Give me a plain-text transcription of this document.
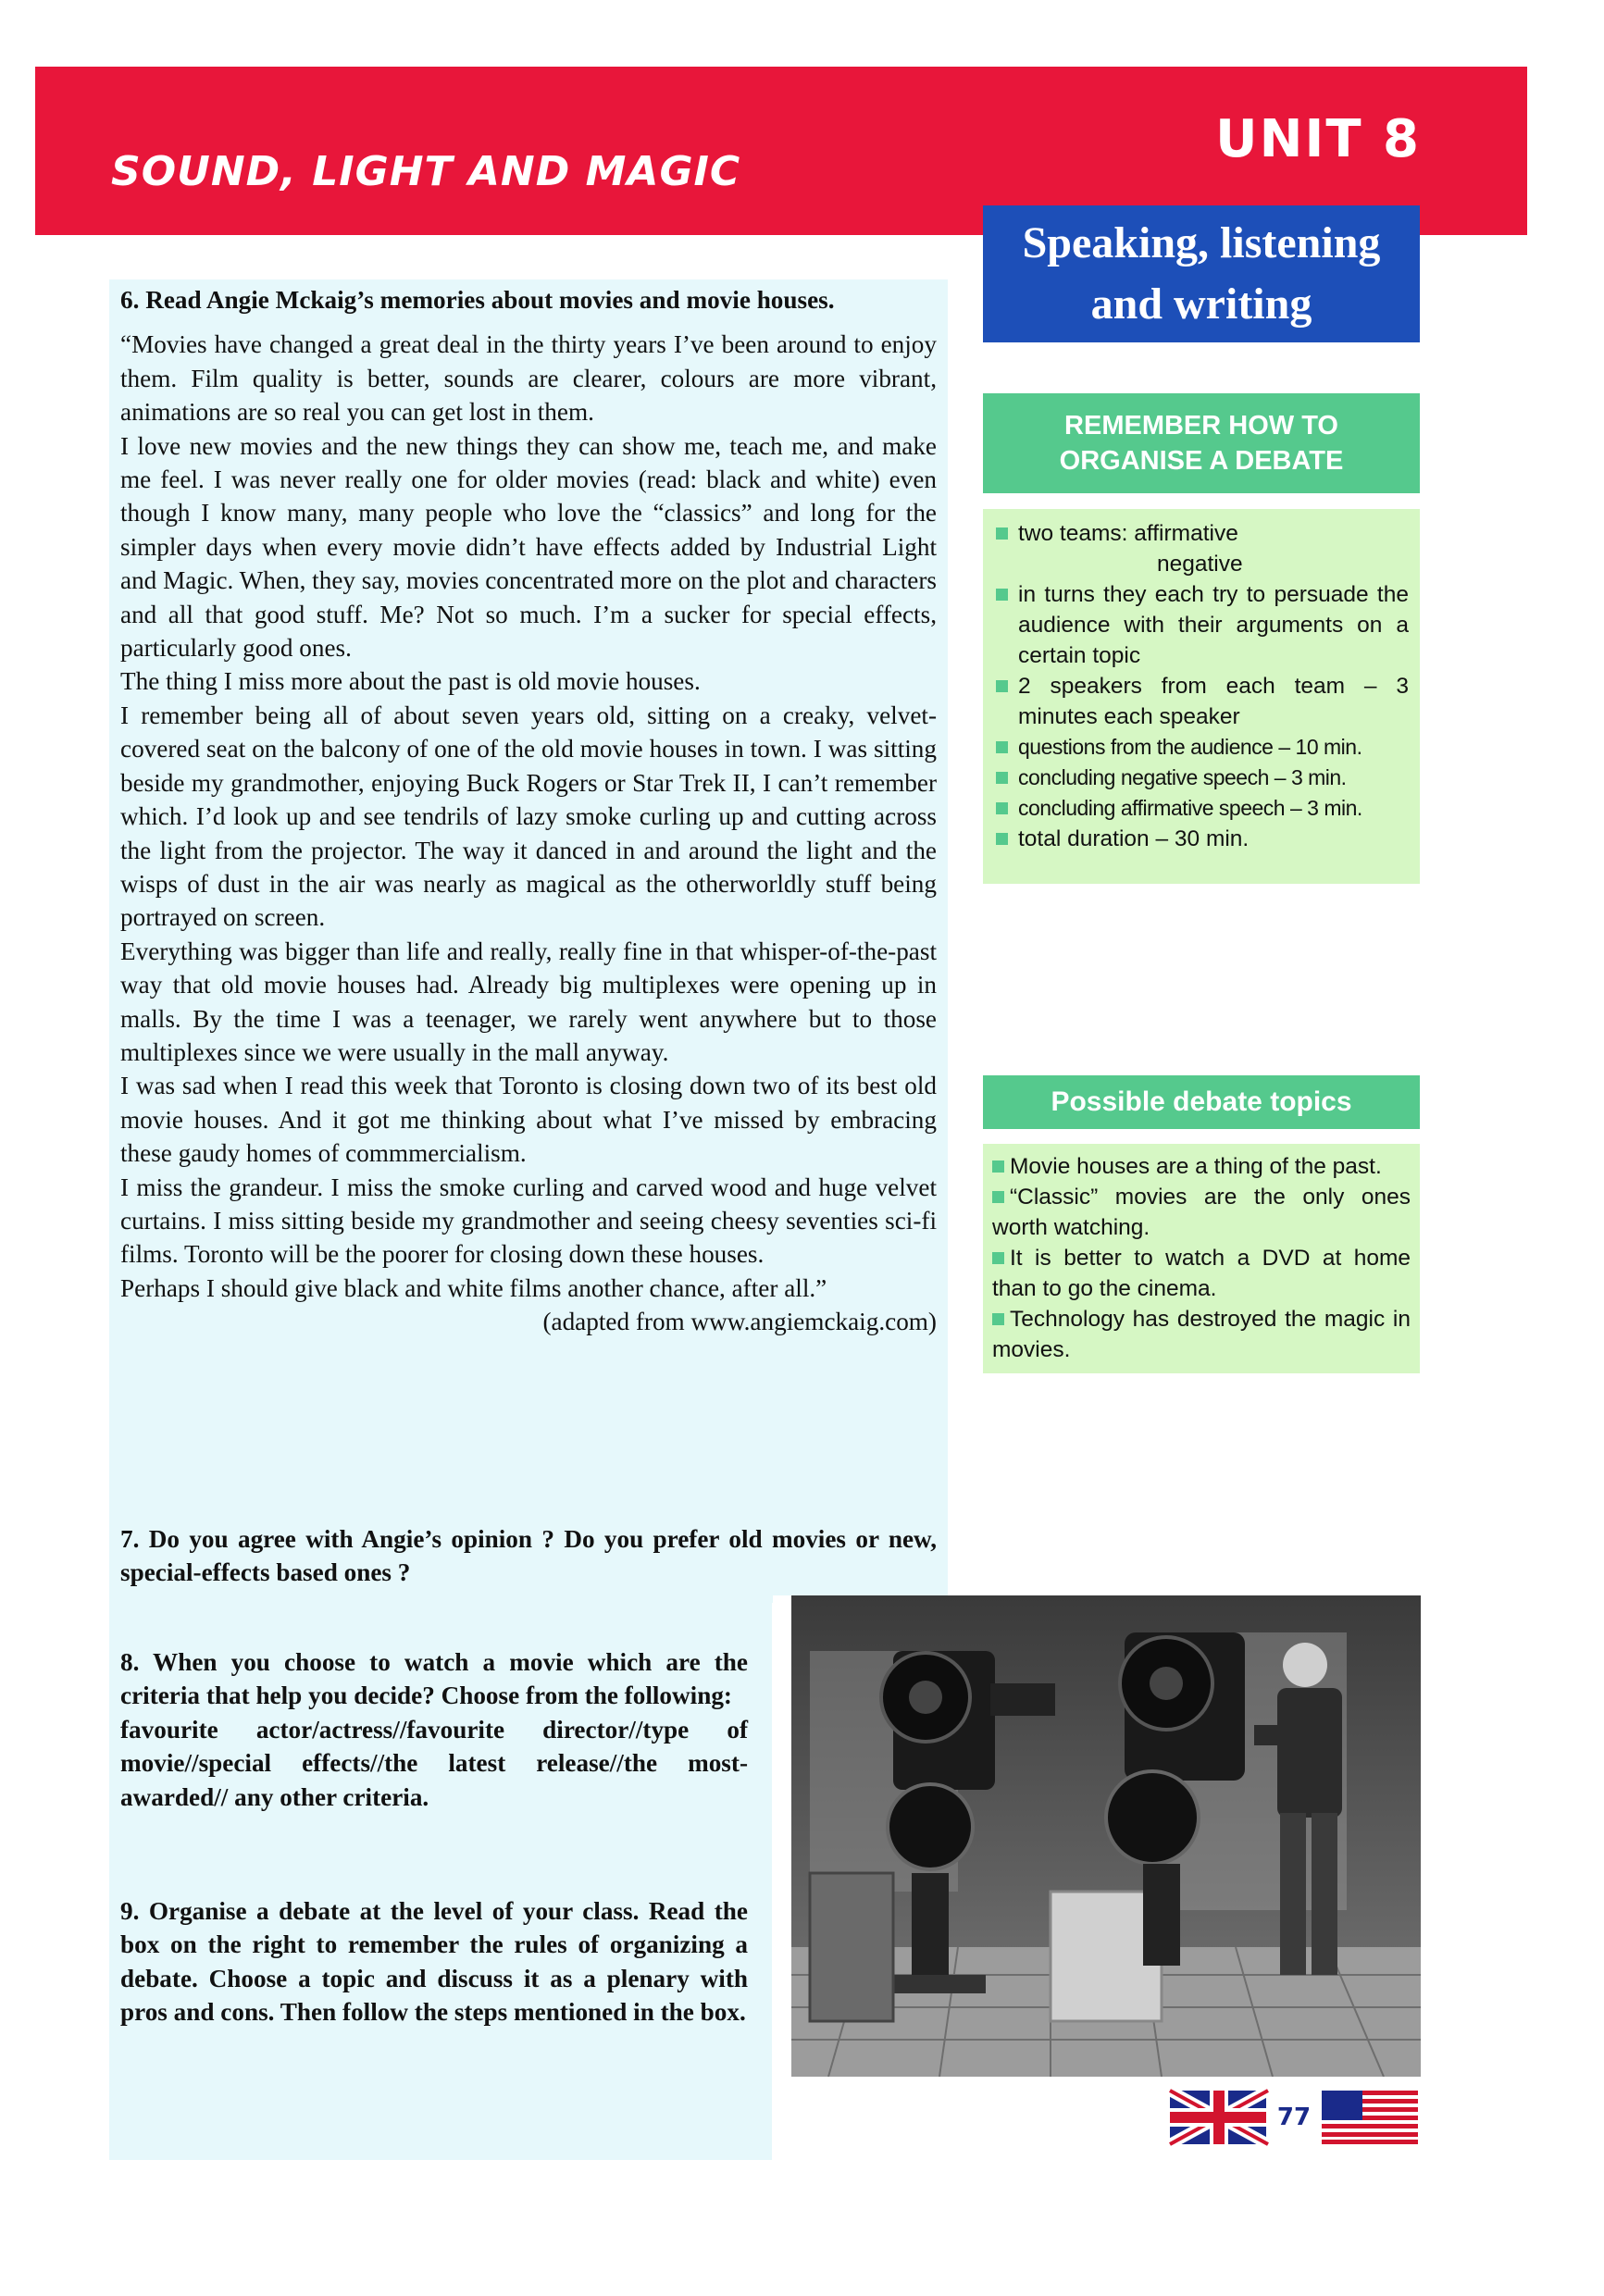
SOUND, LIGHT AND MAGIC
UNIT 8
Speaking, listening
and writing

6. Read Angie Mckaig’s memories about movies and movie houses.

“Movies have changed a great deal in the thirty years I’ve been around to enjoy them. Film quality is better, sounds are clearer, colours are more vibrant, animations are so real you can get lost in them.

I love new movies and the new things they can show me, teach me, and make me feel. I was never really one for older movies (read: black and white) even though I know many, many people who love the “classics” and long for the simpler days when every movie didn’t have effects added by Industrial Light and Magic. When, they say, movies concentrated more on the plot and characters and all that good stuff. Me? Not so much. I’m a sucker for special effects, particularly good ones.

The thing I miss more about the past is old movie houses.

I remember being all of about seven years old, sitting on a creaky, velvet-covered seat on the balcony of one of the old movie houses in town. I was sitting beside my grandmother, enjoying Buck Rogers or Star Trek II, I can’t remember which. I’d look up and see tendrils of lazy smoke curling up and cutting across the light from the projector. The way it danced in and around the light and the wisps of dust in the air was nearly as magical as the otherworldly stuff being portrayed on screen.

Everything was bigger than life and really, really fine in that whisper-of-the-past way that old movie houses had. Already big multiplexes were opening up in malls. By the time I was a teenager, we rarely went anywhere but to those multiplexes since we were usually in the mall anyway.

I was sad when I read this week that Toronto is closing down two of its best old movie houses. And it got me thinking about what I’ve missed by embracing these gaudy homes of commmercialism.

I miss the grandeur. I miss the smoke curling and carved wood and huge velvet curtains. I miss sitting beside my grandmother and seeing cheesy seventies sci-fi films. Toronto will be the poorer for closing down these houses.

Perhaps I should give black and white films another chance, after all.”

(adapted from www.angiemckaig.com)

7. Do you agree with Angie’s opinion ? Do you prefer old movies or new, special-effects based ones ?

8. When you choose to watch a movie which are the criteria that help you decide? Choose from the following:
favourite actor/actress//favourite director//type of movie//special effects//the latest release//the most-awarded// any other criteria.

9. Organise a debate at the level of your class. Read the box on the right to remember the rules of organizing a debate. Choose a topic and discuss it as a plenary with pros and cons. Then follow the steps mentioned in the box.

REMEMBER HOW TO
ORGANISE A DEBATE
two teams: affirmative
negative
in turns they each try to persuade the audience with their arguments on a certain topic
2 speakers from each team – 3 minutes each speaker
questions from the audience – 10 min.
concluding negative speech – 3 min.
concluding affirmative speech – 3 min.
total duration – 30 min.
Possible debate topics
Movie houses are a thing of the past.
“Classic” movies are the only ones worth watching.
It is better to watch a DVD at home than to go the cinema.
Technology has destroyed the magic in movies.
77
